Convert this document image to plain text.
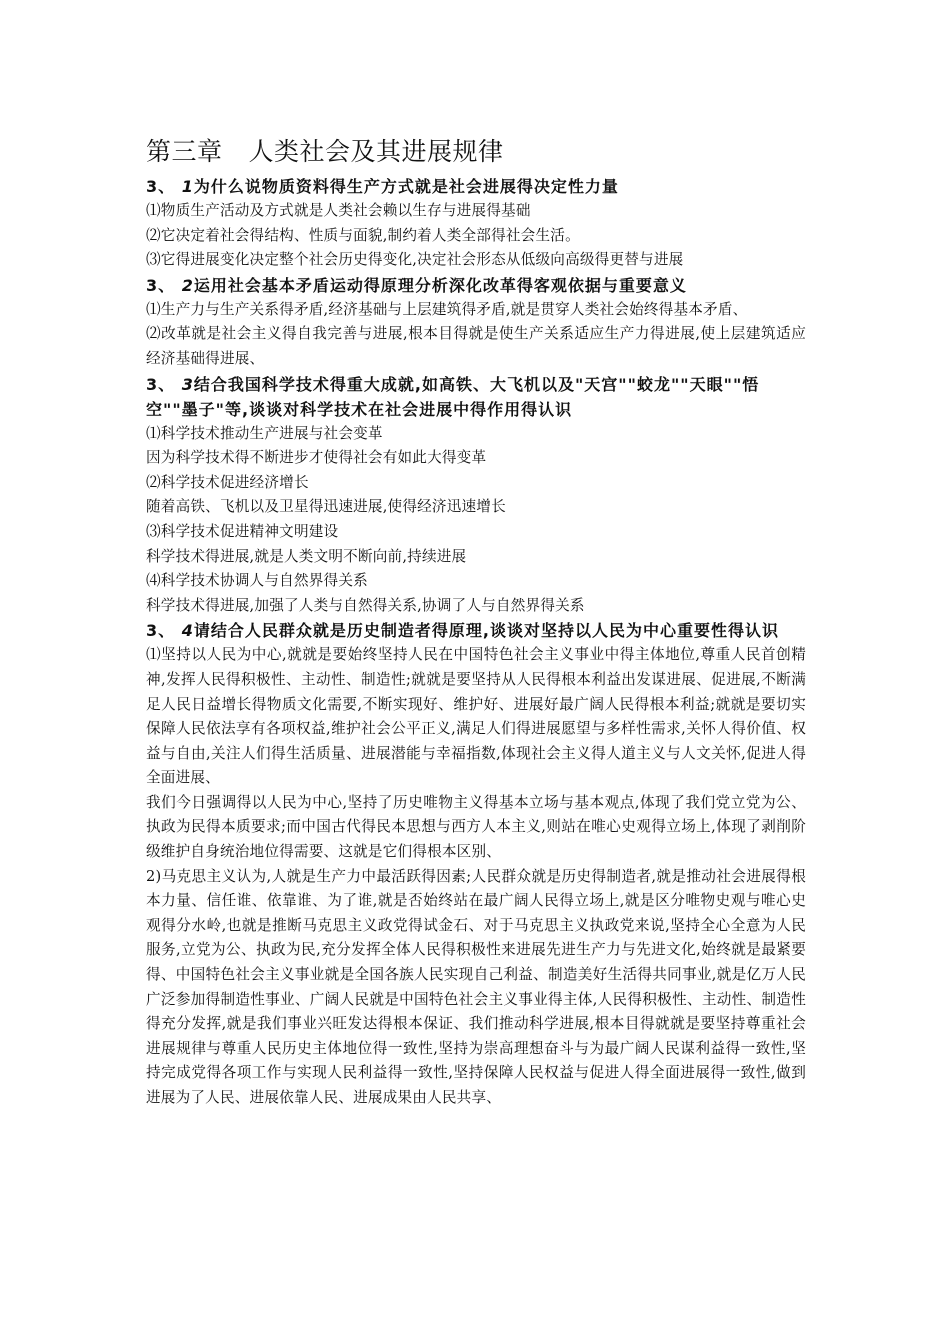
第三章 人类社会及其进展规律
3、 1为什么说物质资料得生产方式就是社会进展得决定性力量

⑴物质生产活动及方式就是人类社会赖以生存与进展得基础

⑵它决定着社会得结构、性质与面貌,制约着人类全部得社会生活。

⑶它得进展变化决定整个社会历史得变化,决定社会形态从低级向高级得更替与进展

3、 2运用社会基本矛盾运动得原理分析深化改革得客观依据与重要意义

⑴生产力与生产关系得矛盾,经济基础与上层建筑得矛盾,就是贯穿人类社会始终得基本矛盾、

⑵改革就是社会主义得自我完善与进展,根本目得就是使生产关系适应生产力得进展,使上层建筑适应经济基础得进展、

3、 3结合我国科学技术得重大成就,如高铁、大飞机以及"天宫""蛟龙""天眼""悟空""墨子"等,谈谈对科学技术在社会进展中得作用得认识

⑴科学技术推动生产进展与社会变革

因为科学技术得不断进步才使得社会有如此大得变革

⑵科学技术促进经济增长

随着高铁、飞机以及卫星得迅速进展,使得经济迅速增长

⑶科学技术促进精神文明建设

科学技术得进展,就是人类文明不断向前,持续进展

⑷科学技术协调人与自然界得关系

科学技术得进展,加强了人类与自然得关系,协调了人与自然界得关系

3、 4请结合人民群众就是历史制造者得原理,谈谈对坚持以人民为中心重要性得认识

⑴坚持以人民为中心,就就是要始终坚持人民在中国特色社会主义事业中得主体地位,尊重人民首创精神,发挥人民得积极性、主动性、制造性;就就是要坚持从人民得根本利益出发谋进展、促进展,不断满足人民日益增长得物质文化需要,不断实现好、维护好、进展好最广阔人民得根本利益;就就是要切实保障人民依法享有各项权益,维护社会公平正义,满足人们得进展愿望与多样性需求,关怀人得价值、权益与自由,关注人们得生活质量、进展潜能与幸福指数,体现社会主义得人道主义与人文关怀,促进人得全面进展、

我们今日强调得以人民为中心,坚持了历史唯物主义得基本立场与基本观点,体现了我们党立党为公、执政为民得本质要求;而中国古代得民本思想与西方人本主义,则站在唯心史观得立场上,体现了剥削阶级维护自身统治地位得需要、这就是它们得根本区别、

2)马克思主义认为,人就是生产力中最活跃得因素;人民群众就是历史得制造者,就是推动社会进展得根本力量、信任谁、依靠谁、为了谁,就是否始终站在最广阔人民得立场上,就是区分唯物史观与唯心史观得分水岭,也就是推断马克思主义政党得试金石、对于马克思主义执政党来说,坚持全心全意为人民服务,立党为公、执政为民,充分发挥全体人民得积极性来进展先进生产力与先进文化,始终就是最紧要得、中国特色社会主义事业就是全国各族人民实现自己利益、制造美好生活得共同事业,就是亿万人民广泛参加得制造性事业、广阔人民就是中国特色社会主义事业得主体,人民得积极性、主动性、制造性得充分发挥,就是我们事业兴旺发达得根本保证、我们推动科学进展,根本目得就就是要坚持尊重社会进展规律与尊重人民历史主体地位得一致性,坚持为崇高理想奋斗与为最广阔人民谋利益得一致性,坚持完成党得各项工作与实现人民利益得一致性,坚持保障人民权益与促进人得全面进展得一致性,做到进展为了人民、进展依靠人民、进展成果由人民共享、
